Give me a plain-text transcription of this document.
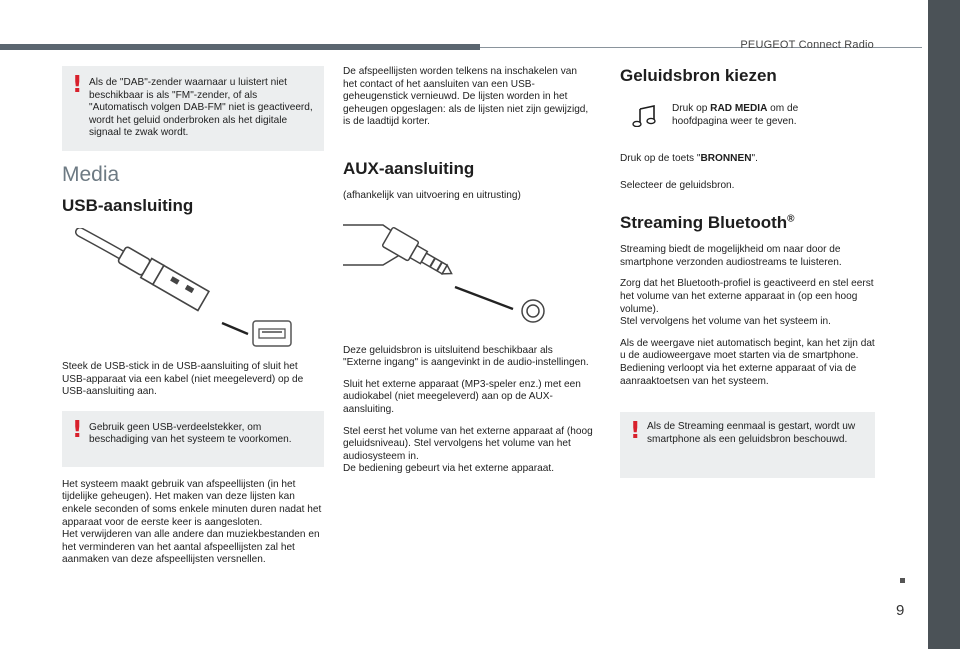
PEUGEOT Connect Radio
! Als de "DAB"-zender waarnaar u luistert niet beschikbaar is als "FM"-zender, of als "Automatisch volgen DAB-FM" niet is geactiveerd, wordt het geluid onderbroken als het digitale signaal te zwak wordt.

Media
USB-aansluiting

Steek de USB-stick in de USB-aansluiting of sluit het USB-apparaat via een kabel (niet meegeleverd) op de USB-aansluiting aan.

! Gebruik geen USB-verdeelstekker, om beschadiging van het systeem te voorkomen.

Het systeem maakt gebruik van afspeellijsten (in het tijdelijke geheugen). Het maken van deze lijsten kan enkele seconden of soms enkele minuten duren nadat het apparaat voor de eerste keer is aangesloten.

Het verwijderen van alle andere dan muziekbestanden en het verminderen van het aantal afspeellijsten zal het aanmaken van deze afspeellijsten versnellen.

De afspeellijsten worden telkens na inschakelen van het contact of het aansluiten van een USB-geheugenstick vernieuwd. De lijsten worden in het geheugen opgeslagen: als de lijsten niet zijn gewijzigd, is de laadtijd korter.

AUX-aansluiting

(afhankelijk van uitvoering en uitrusting)

Deze geluidsbron is uitsluitend beschikbaar als "Externe ingang" is aangevinkt in de audio-instellingen.

Sluit het externe apparaat (MP3-speler enz.) met een audiokabel (niet meegeleverd) aan op de AUX-aansluiting.

Stel eerst het volume van het externe apparaat af (hoog geluidsniveau). Stel vervolgens het volume van het audiosysteem in.

De bediening gebeurt via het externe apparaat.

Geluidsbron kiezen

Druk op RAD MEDIA om de hoofdpagina weer te geven.

Druk op de toets "BRONNEN".

Selecteer de geluidsbron.

Streaming Bluetooth®

Streaming biedt de mogelijkheid om naar door de smartphone verzonden audiostreams te luisteren.

Zorg dat het Bluetooth-profiel is geactiveerd en stel eerst het volume van het externe apparaat in (op een hoog volume).

Stel vervolgens het volume van het systeem in.

Als de weergave niet automatisch begint, kan het zijn dat u de audioweergave moet starten via de smartphone.

Bediening verloopt via het externe apparaat of via de aanraaktoetsen van het systeem.

! Als de Streaming eenmaal is gestart, wordt uw smartphone als een geluidsbron beschouwd.

9
